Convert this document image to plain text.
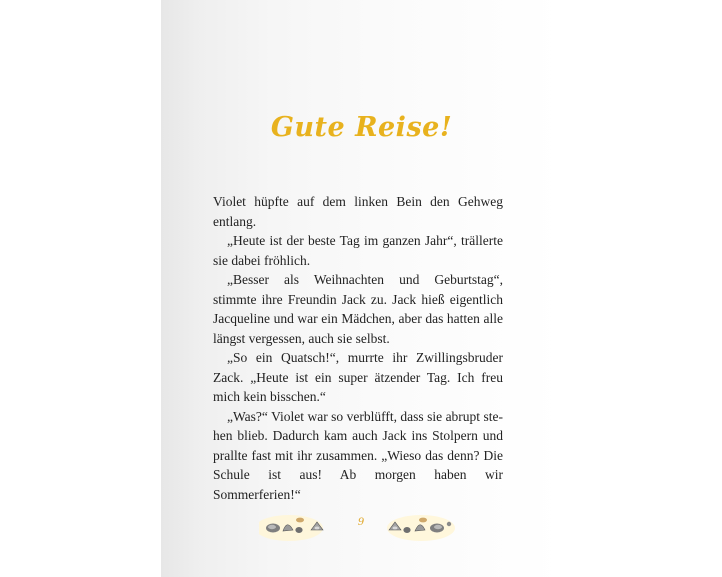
Gute Reise!

Violet hüpfte auf dem linken Bein den Gehweg entlang.

„Heute ist der beste Tag im ganzen Jahr“, trällerte sie dabei fröhlich.

„Besser als Weihnachten und Geburtstag“, stimmte ihre Freundin Jack zu. Jack hieß eigentlich Jacqueline und war ein Mädchen, aber das hatten alle längst vergessen, auch sie selbst.

„So ein Quatsch!“, murrte ihr Zwillingsbruder Zack. „Heute ist ein super ätzender Tag. Ich freu mich kein bisschen.“

„Was?“ Violet war so verblüfft, dass sie abrupt stehen blieb. Dadurch kam auch Jack ins Stolpern und prallte fast mit ihr zusammen. „Wieso das denn? Die Schule ist aus! Ab morgen haben wir Sommerferien!“

9
